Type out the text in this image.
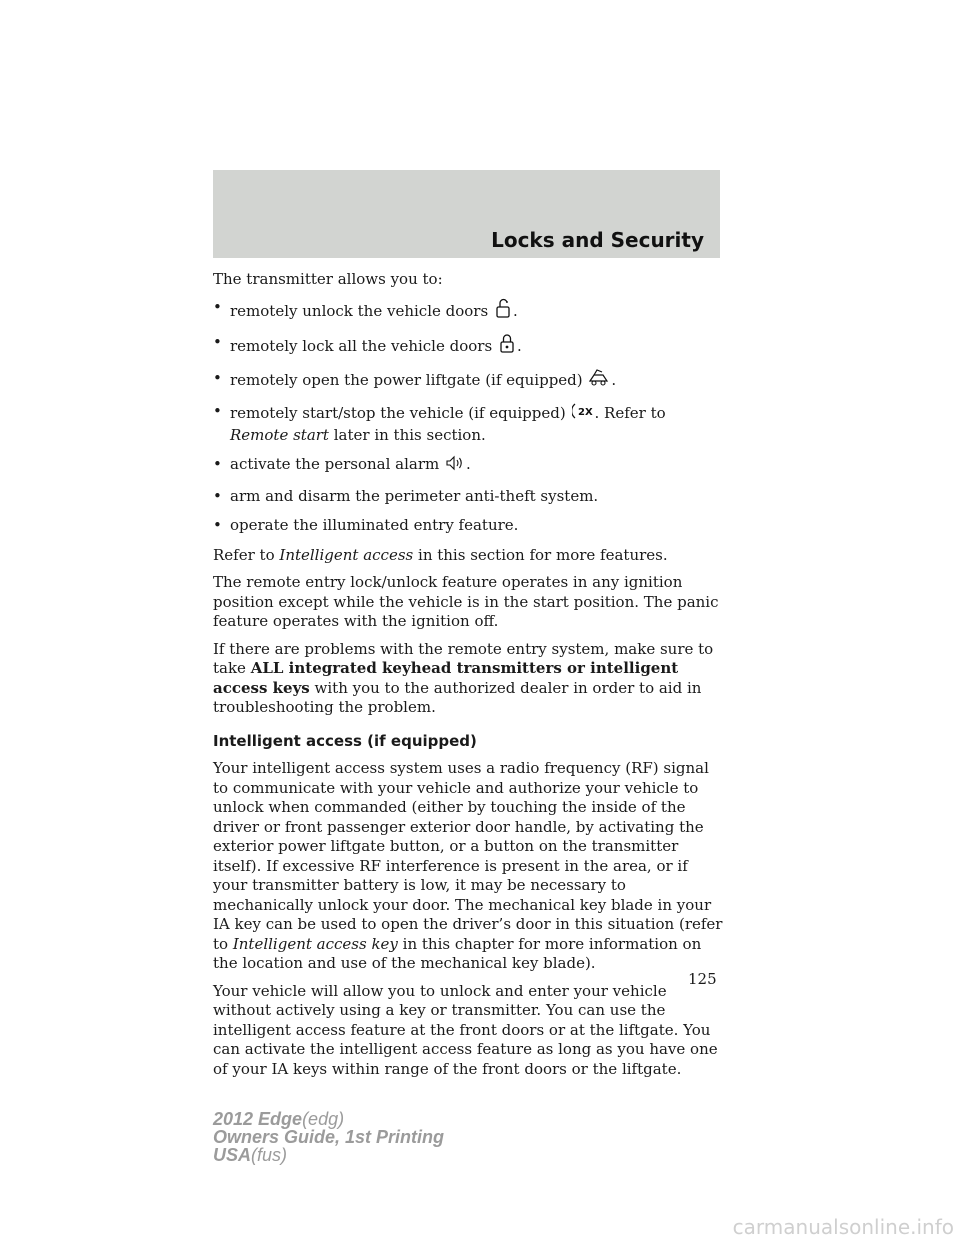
Locks and Security

The transmitter allows you to:

• remotely unlock the vehicle doors .
• remotely lock all the vehicle doors .
• remotely open the power liftgate (if equipped) .
• remotely start/stop the vehicle (if equipped) 2X . Refer to Remote start later in this section.
• activate the personal alarm .
• arm and disarm the perimeter anti-theft system.
• operate the illuminated entry feature.

Refer to Intelligent access in this section for more features.

The remote entry lock/unlock feature operates in any ignition position except while the vehicle is in the start position. The panic feature operates with the ignition off.

If there are problems with the remote entry system, make sure to take ALL integrated keyhead transmitters or intelligent access keys with you to the authorized dealer in order to aid in troubleshooting the problem.

Intelligent access (if equipped)

Your intelligent access system uses a radio frequency (RF) signal to communicate with your vehicle and authorize your vehicle to unlock when commanded (either by touching the inside of the driver or front passenger exterior door handle, by activating the exterior power liftgate button, or a button on the transmitter itself). If excessive RF interference is present in the area, or if your transmitter battery is low, it may be necessary to mechanically unlock your door. The mechanical key blade in your IA key can be used to open the driver’s door in this situation (refer to Intelligent access key in this chapter for more information on the location and use of the mechanical key blade).

Your vehicle will allow you to unlock and enter your vehicle without actively using a key or transmitter. You can use the intelligent access feature at the front doors or at the liftgate. You can activate the intelligent access feature as long as you have one of your IA keys within range of the front doors or the liftgate.

125
2012 Edge(edg)
Owners Guide, 1st Printing
USA(fus)
carmanualsonline.info
